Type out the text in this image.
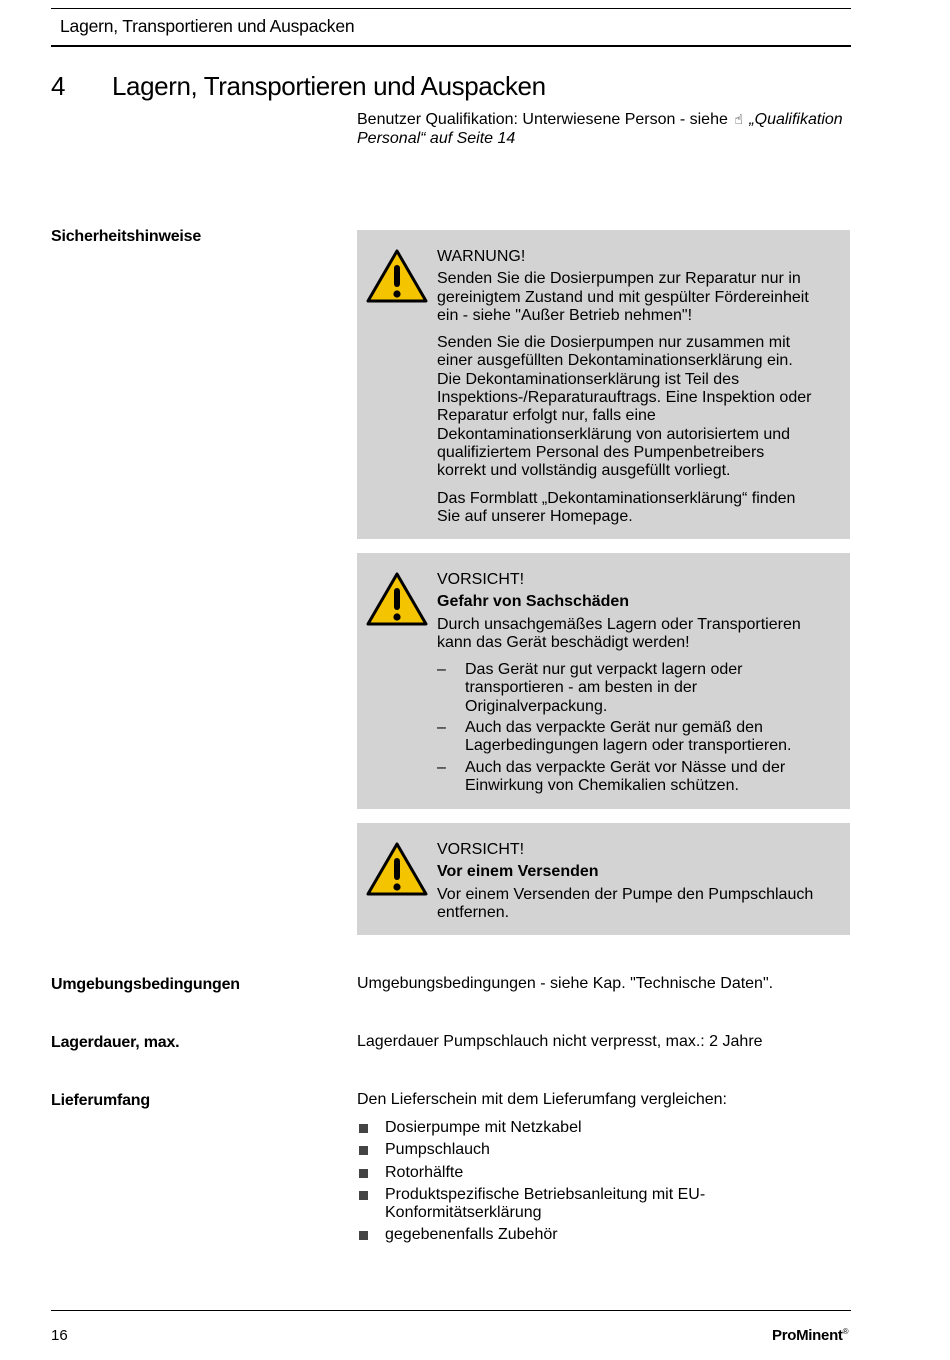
Lagern, Transportieren und Auspacken
4 Lagern, Transportieren und Auspacken
Benutzer Qualifikation: Unterwiesene Person - siehe ☝ „Qualifikation Personal“ auf Seite 14
Sicherheitshinweise
WARNUNG!

Senden Sie die Dosierpumpen zur Reparatur nur in gereinigtem Zustand und mit gespülter Fördereinheit ein - siehe "Außer Betrieb nehmen"!

Senden Sie die Dosierpumpen nur zusammen mit einer ausgefüllten Dekontaminationserklärung ein. Die Dekontaminationserklärung ist Teil des Inspektions-/Reparaturauftrags. Eine Inspektion oder Reparatur erfolgt nur, falls eine Dekontaminationserklärung von autorisiertem und qualifiziertem Personal des Pumpenbetreibers korrekt und vollständig ausgefüllt vorliegt.

Das Formblatt „Dekontaminationserklärung“ finden Sie auf unserer Homepage.

VORSICHT!
Gefahr von Sachschäden

Durch unsachgemäßes Lagern oder Transportieren kann das Gerät beschädigt werden!

– Das Gerät nur gut verpackt lagern oder transportieren - am besten in der Originalverpackung.
– Auch das verpackte Gerät nur gemäß den Lagerbedingungen lagern oder transportieren.
– Auch das verpackte Gerät vor Nässe und der Einwirkung von Chemikalien schützen.
VORSICHT!
Vor einem Versenden

Vor einem Versenden der Pumpe den Pumpschlauch entfernen.

Umgebungsbedingungen	Umgebungsbedingungen - siehe Kap. "Technische Daten".
Lagerdauer, max.	Lagerdauer Pumpschlauch nicht verpresst, max.: 2 Jahre
Lieferumfang	Den Lieferschein mit dem Lieferumfang vergleichen:
Dosierpumpe mit Netzkabel
Pumpschlauch
Rotorhälfte
Produktspezifische Betriebsanleitung mit EU-Konformitätserklärung
gegebenenfalls Zubehör
16	ProMinent®
